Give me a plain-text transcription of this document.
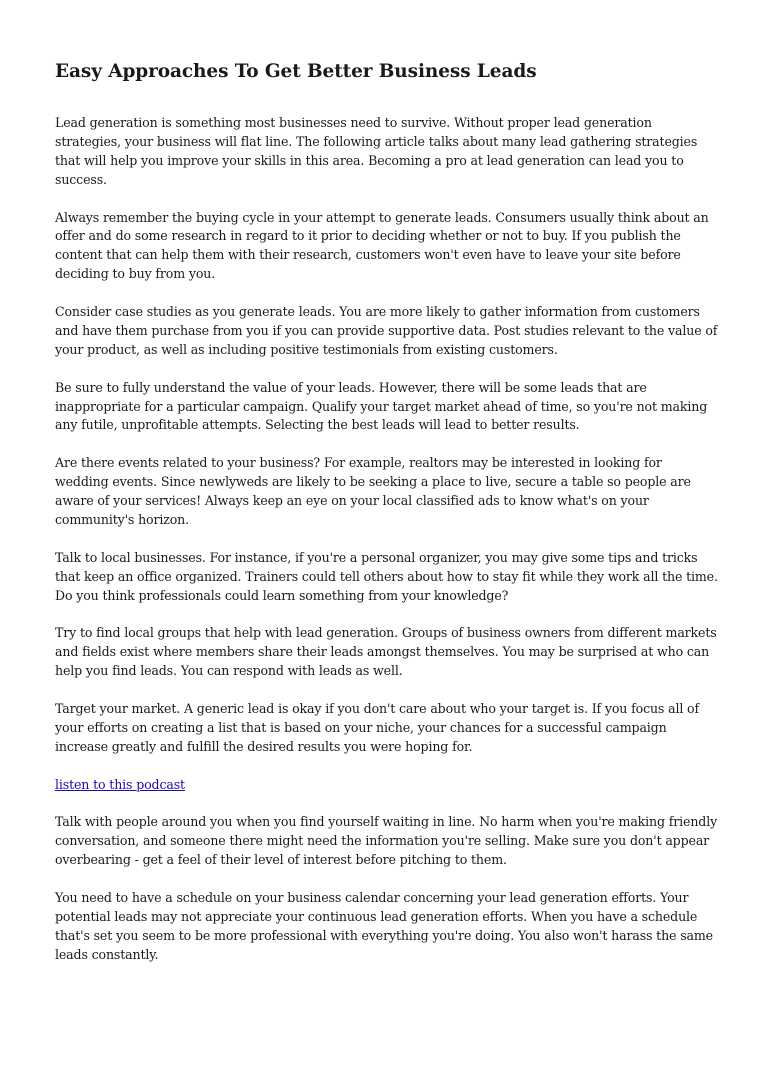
Easy Approaches To Get Better Business Leads

Lead generation is something most businesses need to survive. Without proper lead generation strategies, your business will flat line. The following article talks about many lead gathering strategies that will help you improve your skills in this area. Becoming a pro at lead generation can lead you to success.

Always remember the buying cycle in your attempt to generate leads. Consumers usually think about an offer and do some research in regard to it prior to deciding whether or not to buy. If you publish the content that can help them with their research, customers won't even have to leave your site before deciding to buy from you.

Consider case studies as you generate leads. You are more likely to gather information from customers and have them purchase from you if you can provide supportive data. Post studies relevant to the value of your product, as well as including positive testimonials from existing customers.

Be sure to fully understand the value of your leads. However, there will be some leads that are inappropriate for a particular campaign. Qualify your target market ahead of time, so you're not making any futile, unprofitable attempts. Selecting the best leads will lead to better results.

Are there events related to your business? For example, realtors may be interested in looking for wedding events. Since newlyweds are likely to be seeking a place to live, secure a table so people are aware of your services! Always keep an eye on your local classified ads to know what's on your community's horizon.

Talk to local businesses. For instance, if you're a personal organizer, you may give some tips and tricks that keep an office organized. Trainers could tell others about how to stay fit while they work all the time. Do you think professionals could learn something from your knowledge?

Try to find local groups that help with lead generation. Groups of business owners from different markets and fields exist where members share their leads amongst themselves. You may be surprised at who can help you find leads. You can respond with leads as well.

Target your market. A generic lead is okay if you don't care about who your target is. If you focus all of your efforts on creating a list that is based on your niche, your chances for a successful campaign increase greatly and fulfill the desired results you were hoping for.

listen to this podcast

Talk with people around you when you find yourself waiting in line. No harm when you're making friendly conversation, and someone there might need the information you're selling. Make sure you don't appear overbearing - get a feel of their level of interest before pitching to them.

You need to have a schedule on your business calendar concerning your lead generation efforts. Your potential leads may not appreciate your continuous lead generation efforts. When you have a schedule that's set you seem to be more professional with everything you're doing. You also won't harass the same leads constantly.
